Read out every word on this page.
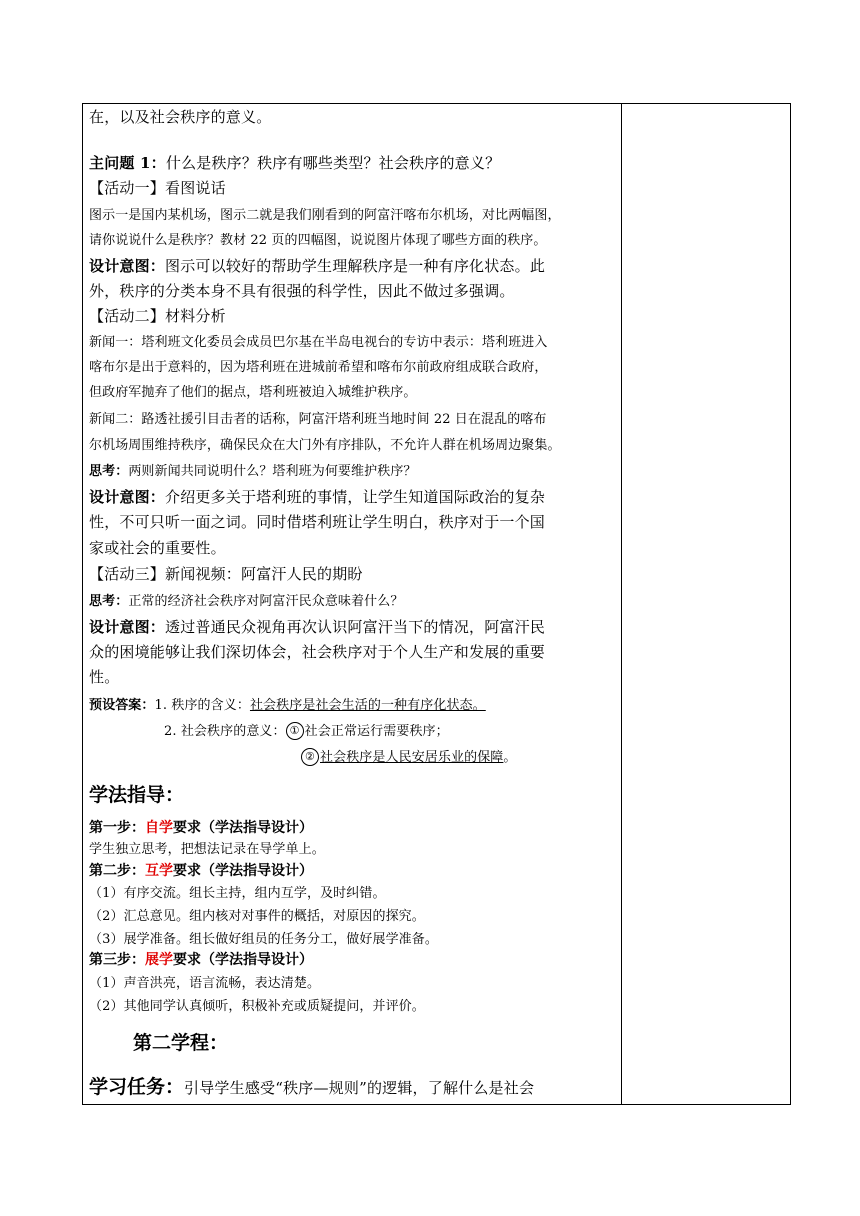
在，以及社会秩序的意义。
主问题 1：什么是秩序？秩序有哪些类型？社会秩序的意义？
【活动一】看图说话
图示一是国内某机场，图示二就是我们刚看到的阿富汗喀布尔机场，对比两幅图，
请你说说什么是秩序？教材 22 页的四幅图，说说图片体现了哪些方面的秩序。
设计意图：图示可以较好的帮助学生理解秩序是一种有序化状态。此
外，秩序的分类本身不具有很强的科学性，因此不做过多强调。
【活动二】材料分析
新闻一：塔利班文化委员会成员巴尔基在半岛电视台的专访中表示：塔利班进入
喀布尔是出于意料的，因为塔利班在进城前希望和喀布尔前政府组成联合政府，
但政府军抛弃了他们的据点，塔利班被迫入城维护秩序。
新闻二：路透社援引目击者的话称，阿富汗塔利班当地时间 22 日在混乱的喀布
尔机场周围维持秩序，确保民众在大门外有序排队，不允许人群在机场周边聚集。
思考：两则新闻共同说明什么？塔利班为何要维护秩序？
设计意图：介绍更多关于塔利班的事情，让学生知道国际政治的复杂
性，不可只听一面之词。同时借塔利班让学生明白，秩序对于一个国
家或社会的重要性。
【活动三】新闻视频：阿富汗人民的期盼
思考：正常的经济社会秩序对阿富汗民众意味着什么？
设计意图：透过普通民众视角再次认识阿富汗当下的情况，阿富汗民
众的困境能够让我们深切体会，社会秩序对于个人生产和发展的重要
性。
预设答案：1. 秩序的含义：社会秩序是社会生活的一种有序化状态。
2. 社会秩序的意义： ① 社会正常运行需要秩序；
② 社会秩序是人民安居乐业的保障。
学法指导：
第一步：自学要求（学法指导设计）
学生独立思考，把想法记录在导学单上。
第二步：互学要求（学法指导设计）
（1）有序交流。组长主持，组内互学，及时纠错。
（2）汇总意见。组内核对对事件的概括，对原因的探究。
（3）展学准备。组长做好组员的任务分工，做好展学准备。
第三步：展学要求（学法指导设计）
（1）声音洪亮，语言流畅，表达清楚。
（2）其他同学认真倾听，积极补充或质疑提问，并评价。
第二学程：
学习任务：引导学生感受“秩序—规则”的逻辑，了解什么是社会
